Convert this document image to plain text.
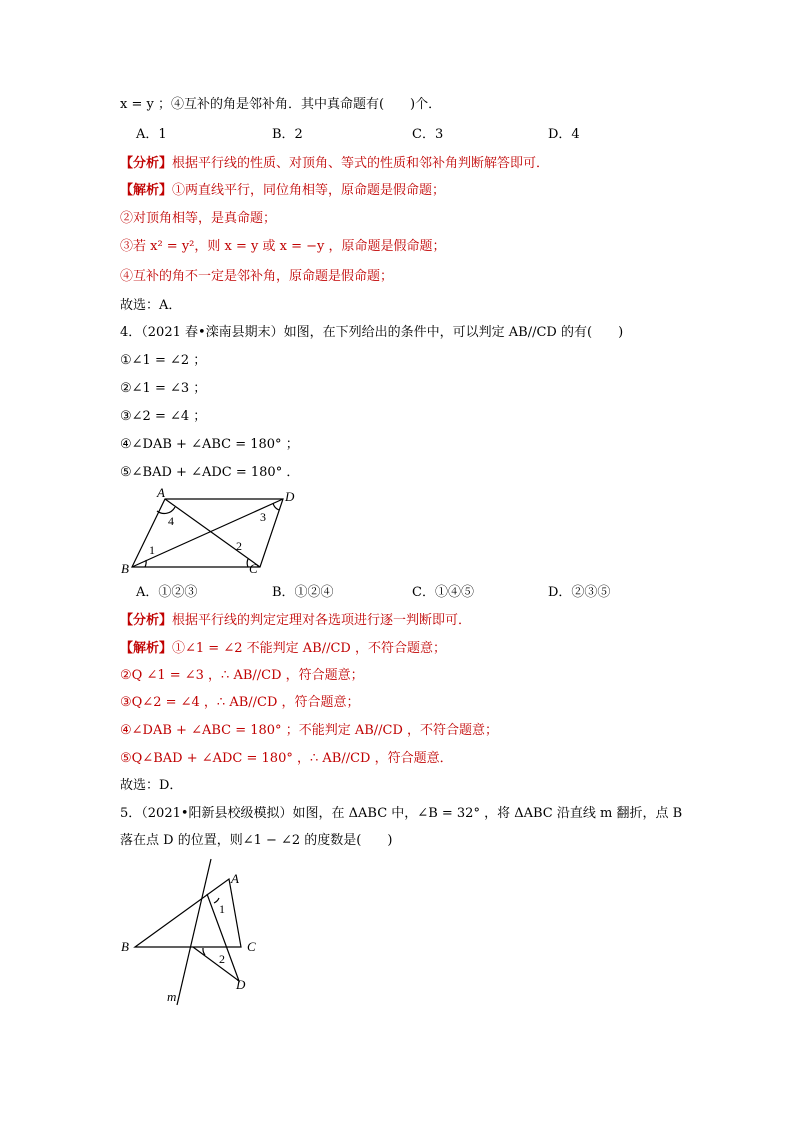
x = y ；④互补的角是邻补角．其中真命题有(　　)个．
A．1	B．2	C．3	D．4
【分析】根据平行线的性质、对顶角、等式的性质和邻补角判断解答即可．
【解析】①两直线平行，同位角相等，原命题是假命题；
②对顶角相等，是真命题；
③若 x² = y²，则 x = y 或 x = −y ，原命题是假命题；
④互补的角不一定是邻补角，原命题是假命题；
故选：A．
4．（2021 春•滦南县期末）如图，在下列给出的条件中，可以判定 AB//CD 的有(　　)
①∠1 = ∠2 ；
②∠1 = ∠3 ；
③∠2 = ∠4 ；
④∠DAB + ∠ABC = 180° ；
⑤∠BAD + ∠ADC = 180° ．
A
B	C
D
1	2
3
4
A．①②③	B．①②④	C．①④⑤	D．②③⑤
【分析】根据平行线的判定定理对各选项进行逐一判断即可．
【解析】①∠1 = ∠2 不能判定 AB//CD ，不符合题意；
②Q ∠1 = ∠3 ，∴ AB//CD ，符合题意；
③Q∠2 = ∠4 ，∴ AB//CD ，符合题意；
④∠DAB + ∠ABC = 180° ；不能判定 AB//CD ，不符合题意；
⑤Q∠BAD + ∠ADC = 180° ，∴ AB//CD ，符合题意．
故选：D．
5．（2021•阳新县校级模拟）如图，在 ΔABC 中，∠B = 32° ，将 ΔABC 沿直线 m 翻折，点 B
落在点 D 的位置，则∠1 − ∠2 的度数是(　　)
A
B	C
D
1
2
m
